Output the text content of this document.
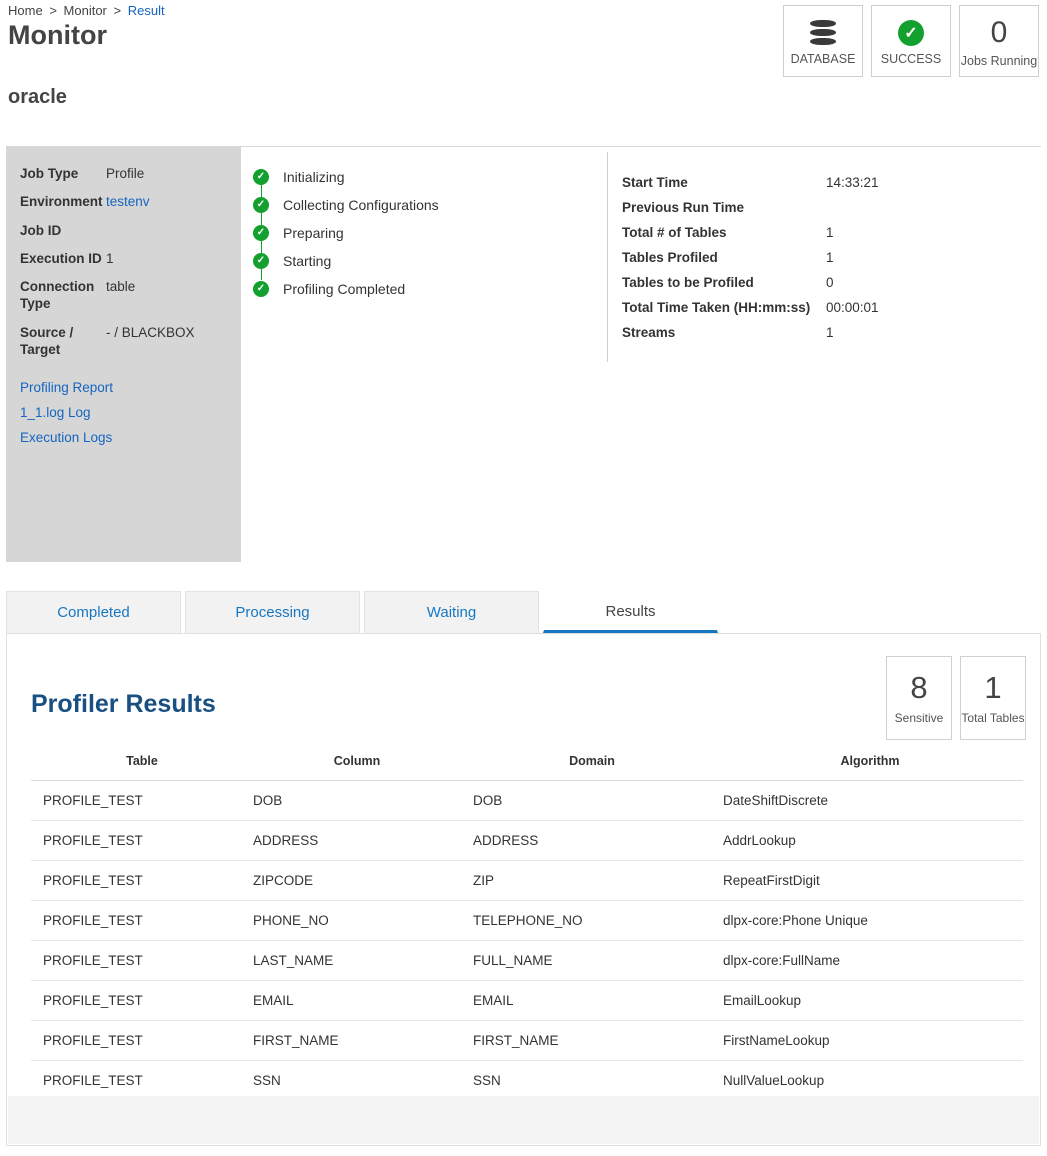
Home > Monitor > Result
Monitor
oracle
DATABASE
✓
SUCCESS
0
Jobs Running
Job Type	Profile
Environment testenv
Job ID
Execution ID 1
Connection Type
table
Source / Target
- / BLACKBOX
Profiling Report
1_1.log Log
Execution Logs
✓ Initializing
✓ Collecting Configurations
✓ Preparing
✓ Starting
✓ Profiling Completed
Start Time	14:33:21
Previous Run Time
Total # of Tables	1
Tables Profiled	1
Tables to be Profiled	0
Total Time Taken (HH:mm:ss)	00:00:01
Streams	1
Completed	Processing	Waiting	Results
Profiler Results	8
Sensitive
1
Total Tables
Table	Column	Domain	Algorithm
PROFILE_TEST	DOB	DOB	DateShiftDiscrete
PROFILE_TEST	ADDRESS	ADDRESS	AddrLookup
PROFILE_TEST	ZIPCODE	ZIP	RepeatFirstDigit
PROFILE_TEST	PHONE_NO	TELEPHONE_NO	dlpx-core:Phone Unique
PROFILE_TEST	LAST_NAME	FULL_NAME	dlpx-core:FullName
PROFILE_TEST	EMAIL	EMAIL	EmailLookup
PROFILE_TEST	FIRST_NAME	FIRST_NAME	FirstNameLookup
PROFILE_TEST	SSN	SSN	NullValueLookup
